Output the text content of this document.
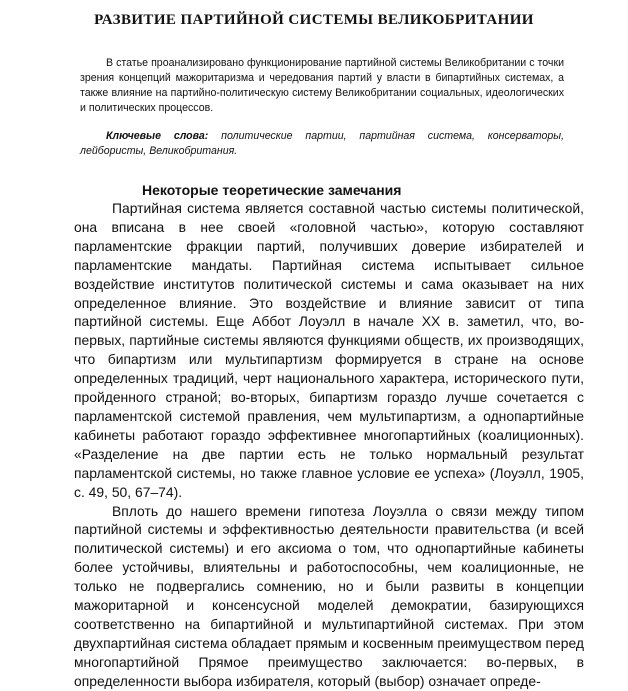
РАЗВИТИЕ ПАРТИЙНОЙ СИСТЕМЫ ВЕЛИКОБРИТАНИИ

В статье проанализировано функционирование партийной системы Великобритании с точки зрения концепций мажоритаризма и чередования партий у власти в бипартийных системах, а также влияние на партийно-политическую систему Великобритании социальных, идеологических и политических процессов.

Ключевые слова: политические партии, партийная система, консерваторы, лейбористы, Великобритания.

Некоторые теоретические замечания

Партийная система является составной частью системы политической, она вписана в нее своей «головной частью», которую составляют парламентские фракции партий, получивших доверие избирателей и парламентские мандаты. Партийная система испытывает сильное воздействие институтов политической системы и сама оказывает на них определенное влияние. Это воздействие и влияние зависит от типа партийной системы. Еще Аббот Лоуэлл в начале XX в. заметил, что, во-первых, партийные системы являются функциями обществ, их производящих, что бипартизм или мультипартизм формируется в стране на основе определенных традиций, черт национального характера, исторического пути, пройденного страной; во-вторых, бипартизм гораздо лучше сочетается с парламентской системой правления, чем мультипартизм, а однопартийные кабинеты работают гораздо эффективнее многопартийных (коалиционных). «Разделение на две партии есть не только нормальный результат парламентской системы, но также главное условие ее успеха» (Лоуэлл, 1905, с. 49, 50, 67–74).

Вплоть до нашего времени гипотеза Лоуэлла о связи между типом партийной системы и эффективностью деятельности правительства (и всей политической системы) и его аксиома о том, что однопартийные кабинеты более устойчивы, влиятельны и работоспособны, чем коалиционные, не только не подвергались сомнению, но и были развиты в концепции мажоритарной и консенсусной моделей демократии, базирующихся соответственно на бипартийной и мультипартийной системах. При этом двухпартийная система обладает прямым и косвенным преимуществом перед многопартийной Прямое преимущество заключается: во-первых, в определенности выбора избирателя, который (выбор) означает опреде-
